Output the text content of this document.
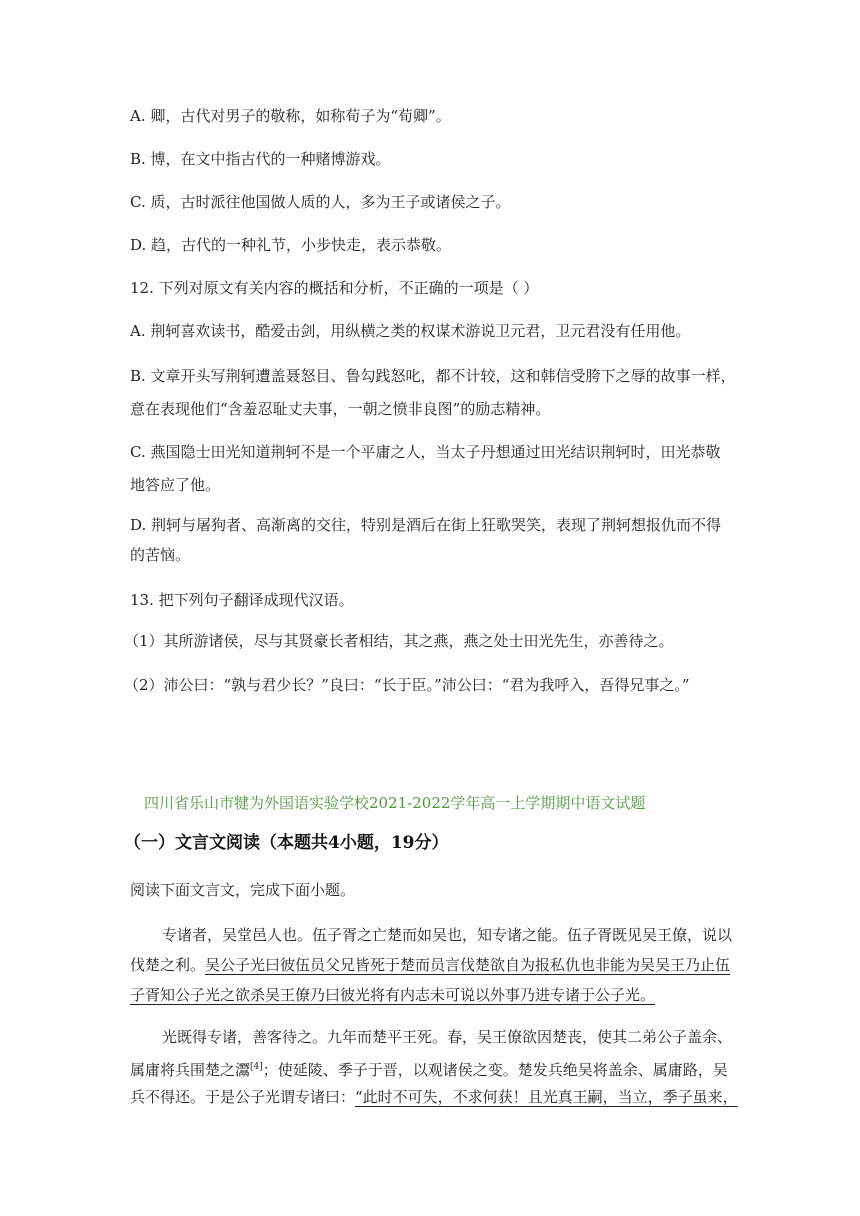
A. 卿，古代对男子的敬称，如称荀子为“荀卿”。
B. 博，在文中指古代的一种赌博游戏。
C. 质，古时派往他国做人质的人，多为王子或诸侯之子。
D. 趋，古代的一种礼节，小步快走，表示恭敬。
12. 下列对原文有关内容的概括和分析，不正确的一项是（ ）
A. 荆轲喜欢读书，酷爱击剑，用纵横之类的权谋术游说卫元君，卫元君没有任用他。
B. 文章开头写荆轲遭盖聂怒目、鲁勾践怒叱，都不计较，这和韩信受胯下之辱的故事一样，
意在表现他们“含羞忍耻丈夫事，一朝之愤非良图”的励志精神。
C. 燕国隐士田光知道荆轲不是一个平庸之人，当太子丹想通过田光结识荆轲时，田光恭敬
地答应了他。
D. 荆轲与屠狗者、高渐离的交往，特别是酒后在街上狂歌哭笑，表现了荆轲想报仇而不得
的苦恼。
13. 把下列句子翻译成现代汉语。
（1）其所游诸侯，尽与其贤豪长者相结，其之燕，燕之处士田光先生，亦善待之。
（2）沛公曰：“孰与君少长？”良曰：“长于臣。”沛公曰：“君为我呼入，吾得兄事之。”
四川省乐山市犍为外国语实验学校2021-2022学年高一上学期期中语文试题
（一）文言文阅读（本题共4小题，19分）
阅读下面文言文，完成下面小题。
专诸者，吴堂邑人也。伍子胥之亡楚而如吴也，知专诸之能。伍子胥既见吴王僚，说以
伐楚之利。吴公子光曰彼伍员父兄皆死于楚而员言伐楚欲自为报私仇也非能为吴吴王乃止伍
子胥知公子光之欲杀吴王僚乃曰彼光将有内志未可说以外事乃进专诸于公子光。
光既得专诸，善客待之。九年而楚平王死。春，吴王僚欲因楚丧，使其二弟公子盖余、
属庸将兵围楚之灊[4]；使延陵、季子于晋，以观诸侯之变。楚发兵绝吴将盖余、属庸路，吴
兵不得还。于是公子光谓专诸曰：“此时不可失，不求何获！且光真王嗣，当立，季子虽来，
